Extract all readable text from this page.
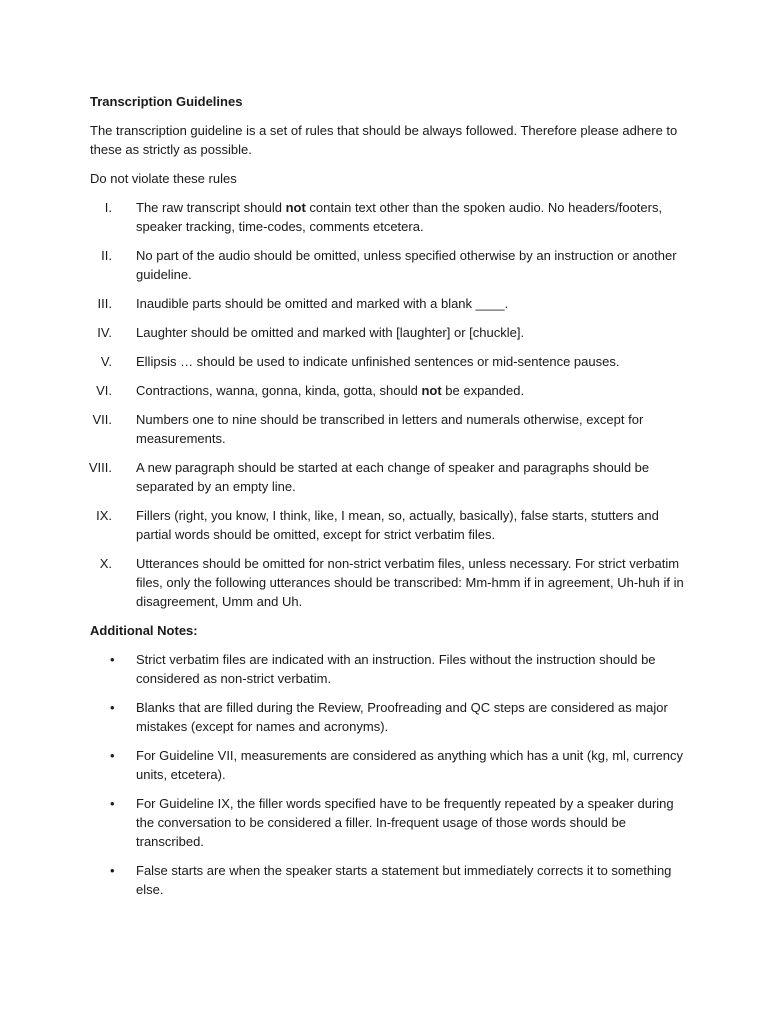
Transcription Guidelines
The transcription guideline is a set of rules that should be always followed. Therefore please adhere to these as strictly as possible.
Do not violate these rules
I. The raw transcript should not contain text other than the spoken audio. No headers/footers, speaker tracking, time-codes, comments etcetera.
II. No part of the audio should be omitted, unless specified otherwise by an instruction or another guideline.
III. Inaudible parts should be omitted and marked with a blank ____.
IV. Laughter should be omitted and marked with [laughter] or [chuckle].
V. Ellipsis … should be used to indicate unfinished sentences or mid-sentence pauses.
VI. Contractions, wanna, gonna, kinda, gotta, should not be expanded.
VII. Numbers one to nine should be transcribed in letters and numerals otherwise, except for measurements.
VIII. A new paragraph should be started at each change of speaker and paragraphs should be separated by an empty line.
IX. Fillers (right, you know, I think, like, I mean, so, actually, basically), false starts, stutters and partial words should be omitted, except for strict verbatim files.
X. Utterances should be omitted for non-strict verbatim files, unless necessary. For strict verbatim files, only the following utterances should be transcribed: Mm-hmm if in agreement, Uh-huh if in disagreement, Umm and Uh.
Additional Notes:
• Strict verbatim files are indicated with an instruction. Files without the instruction should be considered as non-strict verbatim.
• Blanks that are filled during the Review, Proofreading and QC steps are considered as major mistakes (except for names and acronyms).
• For Guideline VII, measurements are considered as anything which has a unit (kg, ml, currency units, etcetera).
• For Guideline IX, the filler words specified have to be frequently repeated by a speaker during the conversation to be considered a filler. In-frequent usage of those words should be transcribed.
• False starts are when the speaker starts a statement but immediately corrects it to something else.
